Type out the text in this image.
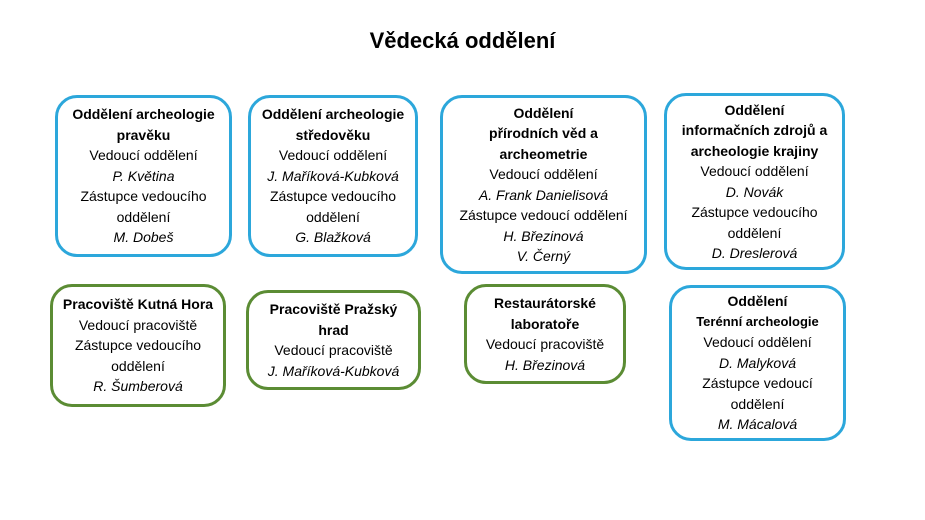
Vědecká oddělení
Oddělení archeologie
pravěku
Vedoucí oddělení
P. Květina
Zástupce vedoucího
oddělení
M. Dobeš
Oddělení archeologie
středověku
Vedoucí oddělení
J. Maříková-Kubková
Zástupce vedoucího
oddělení
G. Blažková
Oddělení
přírodních věd a
archeometrie
Vedoucí oddělení
A. Frank Danielisová
Zástupce vedoucí oddělení
H. Březinová
V. Černý
Oddělení
informačních zdrojů a
archeologie krajiny
Vedoucí oddělení
D. Novák
Zástupce vedoucího
oddělení
D. Dreslerová
Pracoviště Kutná Hora
Vedoucí pracoviště
Zástupce vedoucího
oddělení
R. Šumberová
Pracoviště Pražský
hrad
Vedoucí pracoviště
J. Maříková-Kubková
Restaurátorské
laboratoře
Vedoucí pracoviště
H. Březinová
Oddělení
Terénní archeologie
Vedoucí oddělení
D. Malyková
Zástupce vedoucí
oddělení
M. Mácalová
